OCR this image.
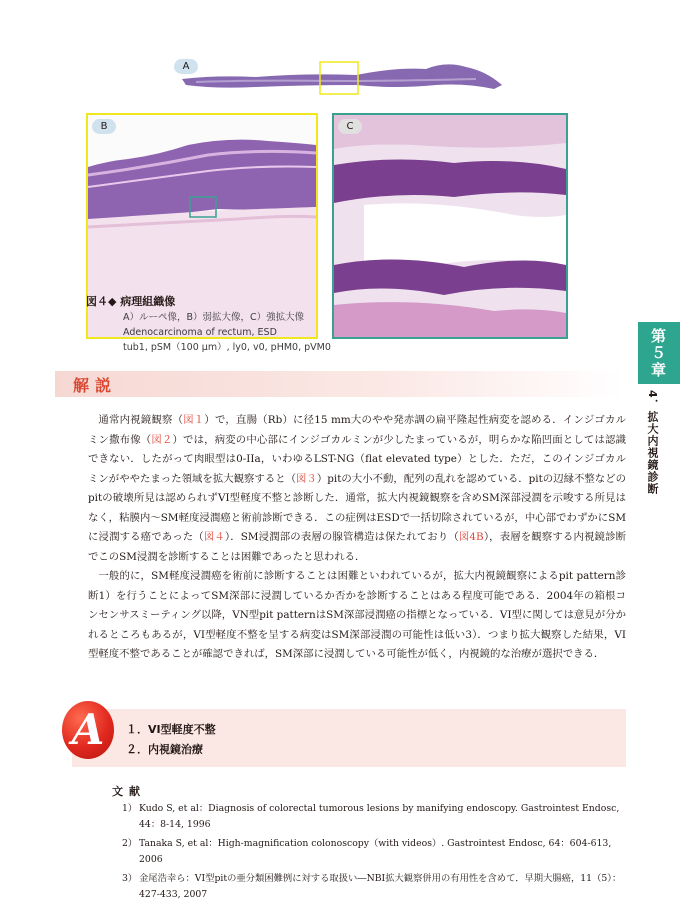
A
B	C
図４◆ 病理組織像
A）ルーペ像，B）弱拡大像，C）強拡大像
Adenocarcinoma of rectum, ESD
tub1, pSM（100 μm）, ly0, v0, pHM0, pVM0
解説

通常内視鏡観察（図１）で，直腸（Rb）に径15 mm大のやや発赤調の扁平隆起性病変を認める．インジゴカルミン撒布像（図２）では，病変の中心部にインジゴカルミンが少したまっているが，明らかな陥凹面としては認識できない．したがって肉眼型は0-IIa，いわゆるLST-NG（flat elevated type）とした．ただ，このインジゴカルミンがややたまった領域を拡大観察すると（図３）pitの大小不動，配列の乱れを認めている．pitの辺縁不整などのpitの破壊所見は認められずVI型軽度不整と診断した．通常，拡大内視鏡観察を含めSM深部浸潤を示唆する所見はなく，粘膜内～SM軽度浸潤癌と術前診断できる．この症例はESDで一括切除されているが，中心部でわずかにSMに浸潤する癌であった（図４）．SM浸潤部の表層の腺管構造は保たれており（図4B），表層を観察する内視鏡診断でこのSM浸潤を診断することは困難であったと思われる．

一般的に，SM軽度浸潤癌を術前に診断することは困難といわれているが，拡大内視鏡観察によるpit pattern診断1）を行うことによってSM深部に浸潤しているか否かを診断することはある程度可能である．2004年の箱根コンセンサスミーティング以降，VN型pit patternはSM深部浸潤癌の指標となっている．VI型に関しては意見が分かれるところもあるが，VI型軽度不整を呈する病変はSM深部浸潤の可能性は低い3）．つまり拡大観察した結果，VI型軽度不整であることが確認できれば，SM深部に浸潤している可能性が低く，内視鏡的な治療が選択できる．

A	１．VI型軽度不整
２．内視鏡治療
文献
1） Kudo S, et al：Diagnosis of colorectal tumorous lesions by manifying endoscopy. Gastrointest Endosc, 44：8-14, 1996
2） Tanaka S, et al：High-magnification colonoscopy（with videos）. Gastrointest Endosc, 64：604-613, 2006
3） 金尾浩幸ら：VI型pitの亜分類困難例に対する取扱い―NBI拡大観察併用の有用性を含めて．早期大腸癌，11（5）：427-433, 2007
第５章
4．拡大内視鏡診断
